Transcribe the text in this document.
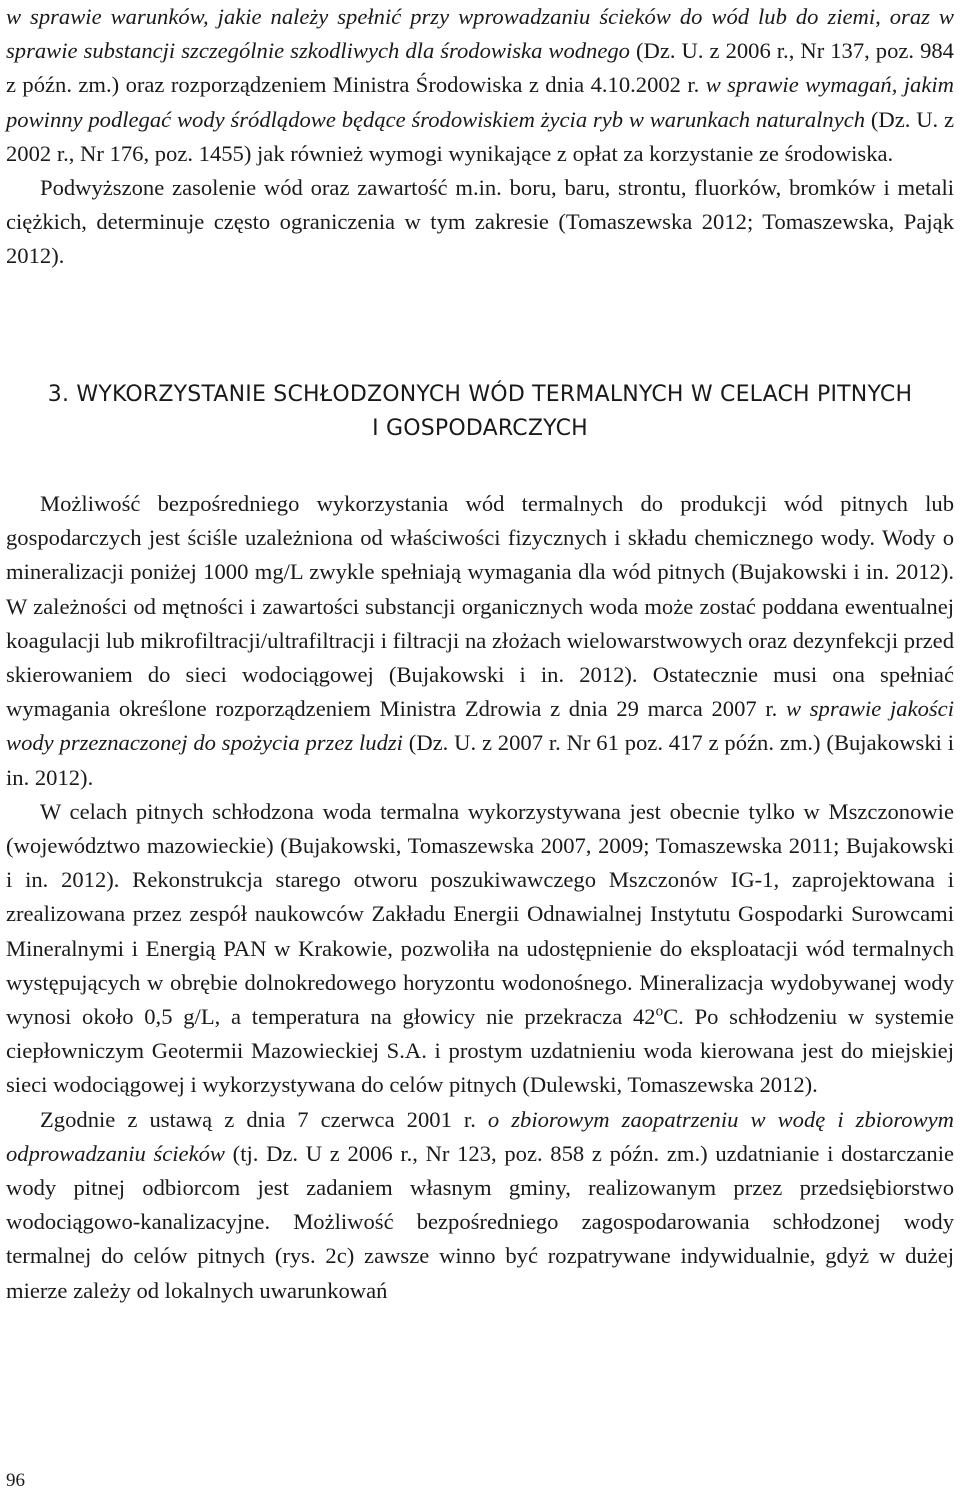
w sprawie warunków, jakie należy spełnić przy wprowadzaniu ścieków do wód lub do ziemi, oraz w sprawie substancji szczególnie szkodliwych dla środowiska wodnego (Dz. U. z 2006 r., Nr 137, poz. 984 z późn. zm.) oraz rozporządzeniem Ministra Środowiska z dnia 4.10.2002 r. w sprawie wymagań, jakim powinny podlegać wody śródlądowe będące środowiskiem życia ryb w warunkach naturalnych (Dz. U. z 2002 r., Nr 176, poz. 1455) jak również wymogi wynikające z opłat za korzystanie ze środowiska.

Podwyższone zasolenie wód oraz zawartość m.in. boru, baru, strontu, fluorków, bromków i metali ciężkich, determinuje często ograniczenia w tym zakresie (Tomaszewska 2012; Tomaszewska, Pająk 2012).

3. WYKORZYSTANIE SCHŁODZONYCH WÓD TERMALNYCH W CELACH PITNYCH
I GOSPODARCZYCH

Możliwość bezpośredniego wykorzystania wód termalnych do produkcji wód pitnych lub gospodarczych jest ściśle uzależniona od właściwości fizycznych i składu chemicznego wody. Wody o mineralizacji poniżej 1000 mg/L zwykle spełniają wymagania dla wód pitnych (Bujakowski i in. 2012). W zależności od mętności i zawartości substancji organicznych woda może zostać poddana ewentualnej koagulacji lub mikrofiltracji/ultrafiltracji i filtracji na złożach wielowarstwowych oraz dezynfekcji przed skierowaniem do sieci wodociągowej (Bujakowski i in. 2012). Ostatecznie musi ona spełniać wymagania określone rozporządzeniem Ministra Zdrowia z dnia 29 marca 2007 r. w sprawie jakości wody przeznaczonej do spożycia przez ludzi (Dz. U. z 2007 r. Nr 61 poz. 417 z późn. zm.) (Bujakowski i in. 2012).

W celach pitnych schłodzona woda termalna wykorzystywana jest obecnie tylko w Mszczonowie (województwo mazowieckie) (Bujakowski, Tomaszewska 2007, 2009; Tomaszewska 2011; Bujakowski i in. 2012). Rekonstrukcja starego otworu poszukiwawczego Mszczonów IG-1, zaprojektowana i zrealizowana przez zespół naukowców Zakładu Energii Odnawialnej Instytutu Gospodarki Surowcami Mineralnymi i Energią PAN w Krakowie, pozwoliła na udostępnienie do eksploatacji wód termalnych występujących w obrębie dolnokredowego horyzontu wodonośnego. Mineralizacja wydobywanej wody wynosi około 0,5 g/L, a temperatura na głowicy nie przekracza 42$^o$C. Po schłodzeniu w systemie ciepłowniczym Geotermii Mazowieckiej S.A. i prostym uzdatnieniu woda kierowana jest do miejskiej sieci wodociągowej i wykorzystywana do celów pitnych (Dulewski, Tomaszewska 2012).

Zgodnie z ustawą z dnia 7 czerwca 2001 r. o zbiorowym zaopatrzeniu w wodę i zbiorowym odprowadzaniu ścieków (tj. Dz. U z 2006 r., Nr 123, poz. 858 z późn. zm.) uzdatnianie i dostarczanie wody pitnej odbiorcom jest zadaniem własnym gminy, realizowanym przez przedsiębiorstwo wodociągowo-kanalizacyjne. Możliwość bezpośredniego zagospodarowania schłodzonej wody termalnej do celów pitnych (rys. 2c) zawsze winno być rozpatrywane indywidualnie, gdyż w dużej mierze zależy od lokalnych uwarunkowań

96
